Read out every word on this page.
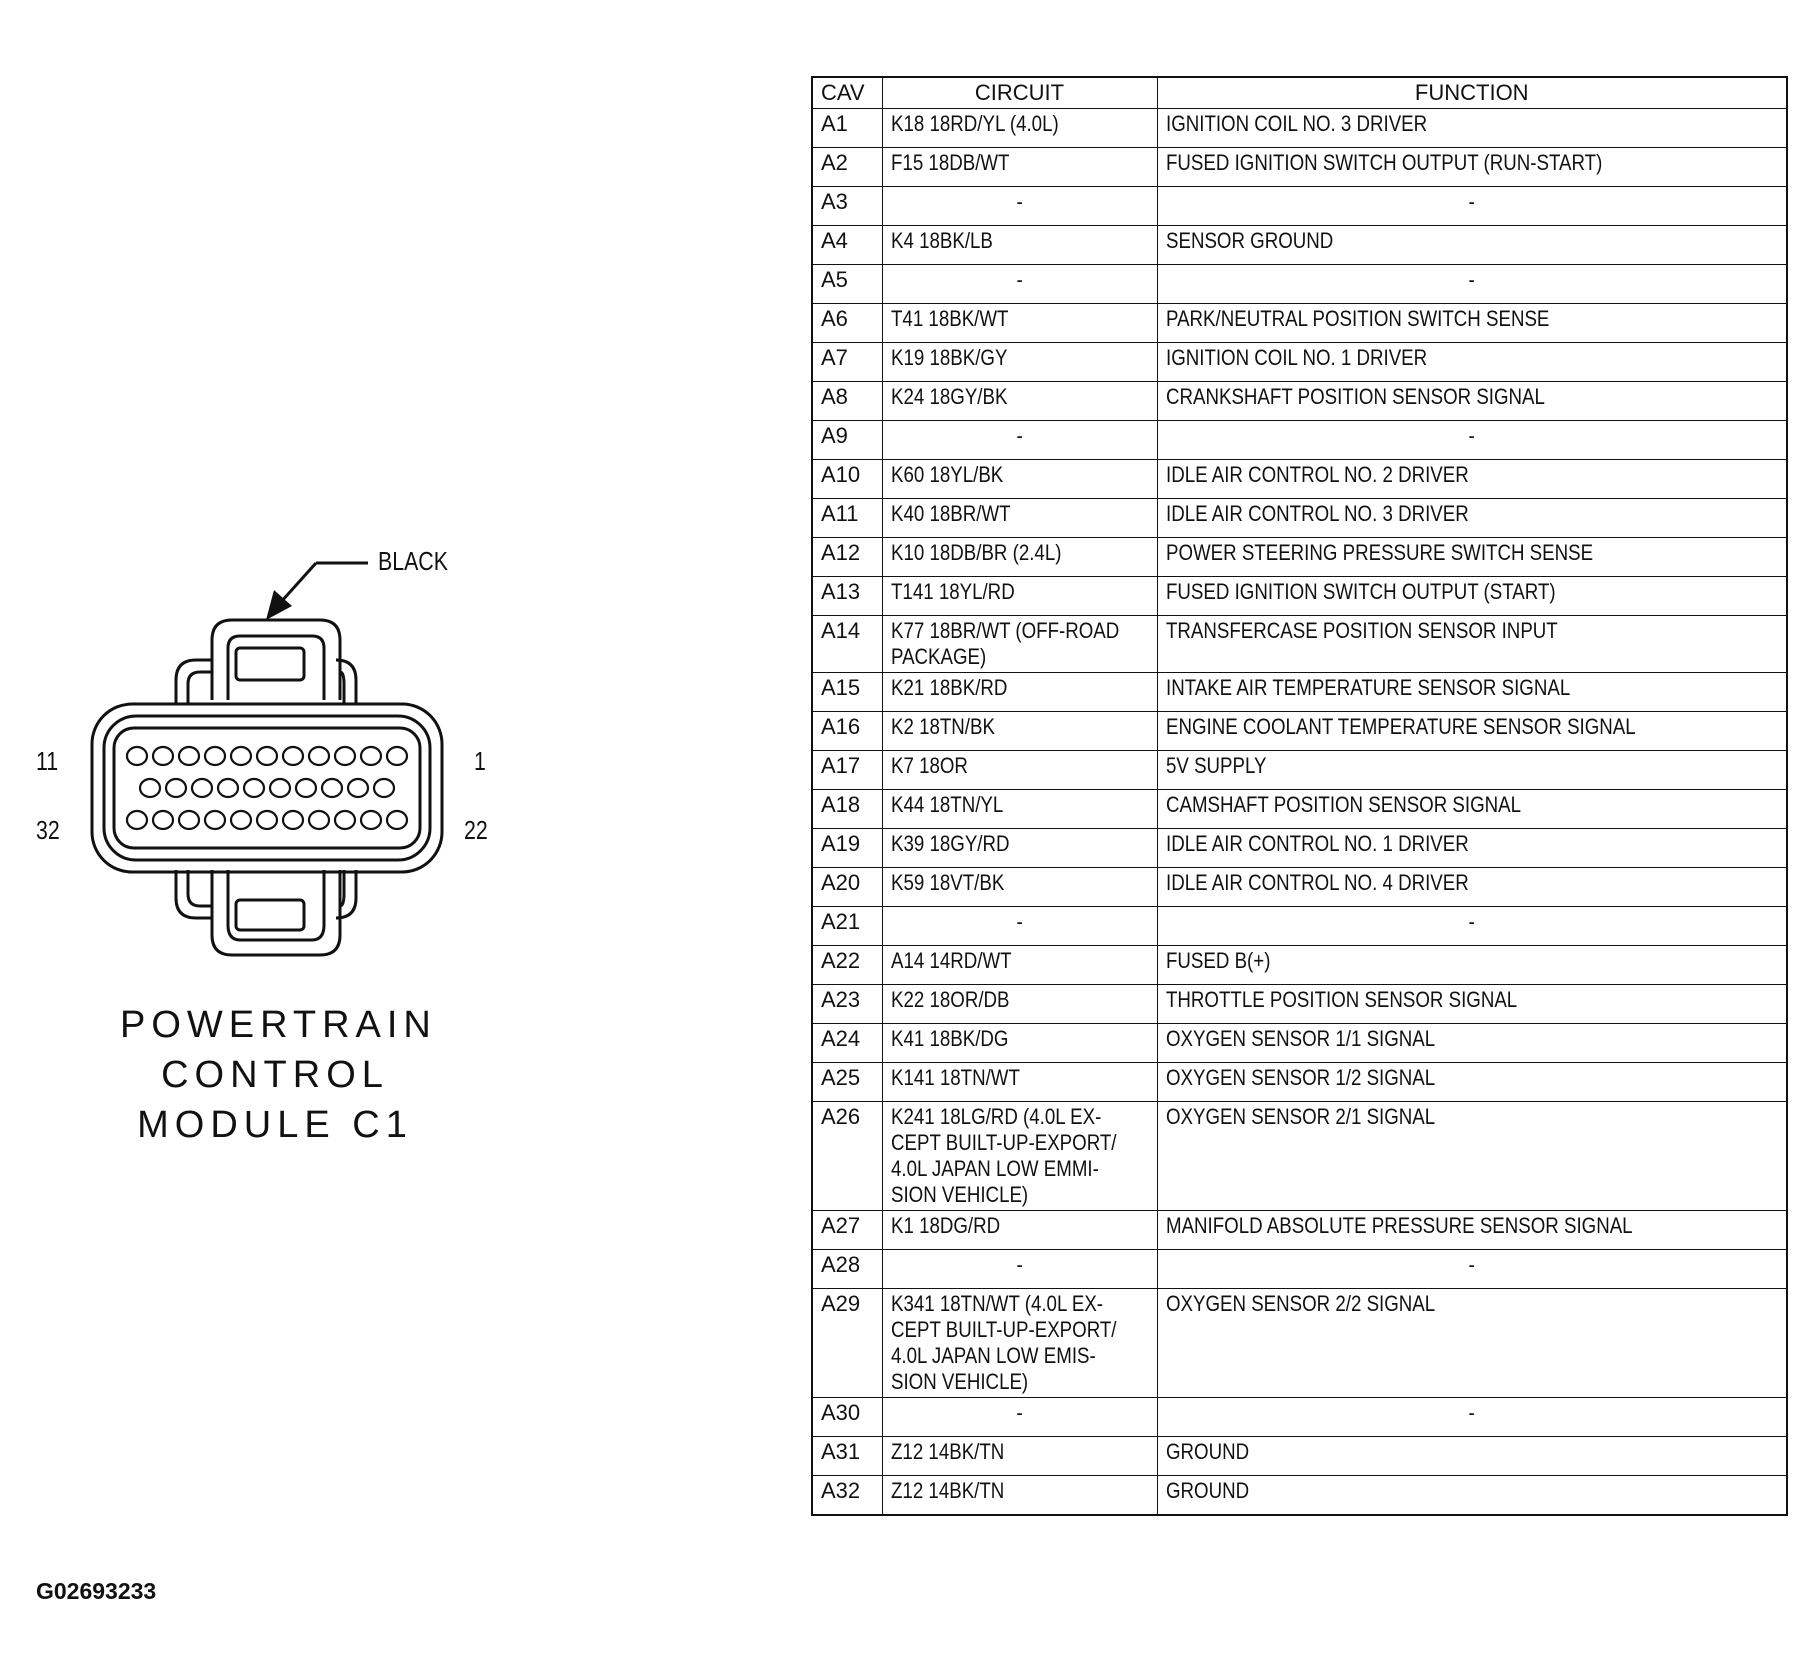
BLACK
11	1
32	22
POWERTRAIN
CONTROL
MODULE C1
G02693233
CAV	CIRCUIT	FUNCTION
A1	K18 18RD/YL (4.0L)	IGNITION COIL NO. 3 DRIVER
A2	F15 18DB/WT	FUSED IGNITION SWITCH OUTPUT (RUN-START)
A3	-	-
A4	K4 18BK/LB	SENSOR GROUND
A5	-	-
A6	T41 18BK/WT	PARK/NEUTRAL POSITION SWITCH SENSE
A7	K19 18BK/GY	IGNITION COIL NO. 1 DRIVER
A8	K24 18GY/BK	CRANKSHAFT POSITION SENSOR SIGNAL
A9	-	-
A10	K60 18YL/BK	IDLE AIR CONTROL NO. 2 DRIVER
A11	K40 18BR/WT	IDLE AIR CONTROL NO. 3 DRIVER
A12	K10 18DB/BR (2.4L)	POWER STEERING PRESSURE SWITCH SENSE
A13	T141 18YL/RD	FUSED IGNITION SWITCH OUTPUT (START)
A14	K77 18BR/WT (OFF-ROAD
PACKAGE)	TRANSFERCASE POSITION SENSOR INPUT
A15	K21 18BK/RD	INTAKE AIR TEMPERATURE SENSOR SIGNAL
A16	K2 18TN/BK	ENGINE COOLANT TEMPERATURE SENSOR SIGNAL
A17	K7 18OR	5V SUPPLY
A18	K44 18TN/YL	CAMSHAFT POSITION SENSOR SIGNAL
A19	K39 18GY/RD	IDLE AIR CONTROL NO. 1 DRIVER
A20	K59 18VT/BK	IDLE AIR CONTROL NO. 4 DRIVER
A21	-	-
A22	A14 14RD/WT	FUSED B(+)
A23	K22 18OR/DB	THROTTLE POSITION SENSOR SIGNAL
A24	K41 18BK/DG	OXYGEN SENSOR 1/1 SIGNAL
A25	K141 18TN/WT	OXYGEN SENSOR 1/2 SIGNAL
A26	K241 18LG/RD (4.0L EX-
CEPT BUILT-UP-EXPORT/
4.0L JAPAN LOW EMMI-
SION VEHICLE)	OXYGEN SENSOR 2/1 SIGNAL
A27	K1 18DG/RD	MANIFOLD ABSOLUTE PRESSURE SENSOR SIGNAL
A28	-	-
A29	K341 18TN/WT (4.0L EX-
CEPT BUILT-UP-EXPORT/
4.0L JAPAN LOW EMIS-
SION VEHICLE)	OXYGEN SENSOR 2/2 SIGNAL
A30	-	-
A31	Z12 14BK/TN	GROUND
A32	Z12 14BK/TN	GROUND
